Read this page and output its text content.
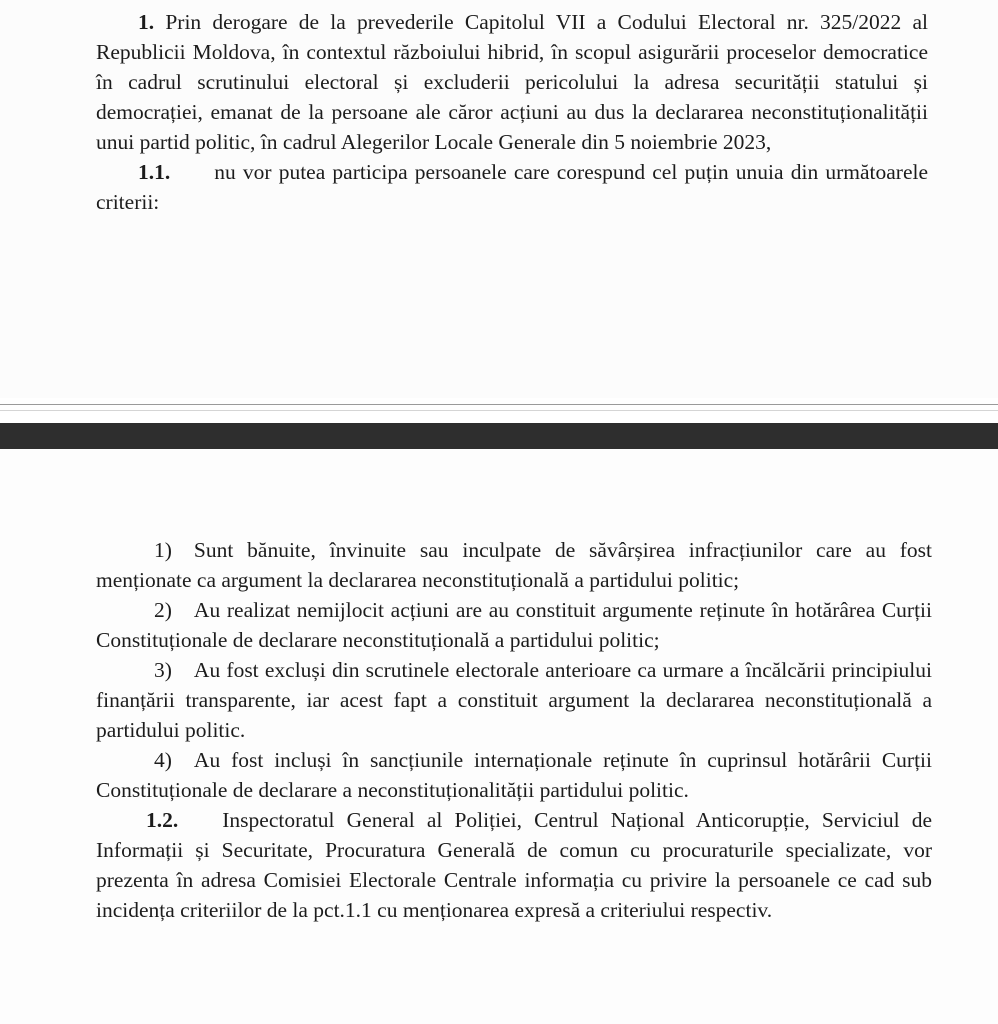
1. Prin derogare de la prevederile Capitolul VII a Codului Electoral nr. 325/2022 al Republicii Moldova, în contextul războiului hibrid, în scopul asigurării proceselor democratice în cadrul scrutinului electoral și excluderii pericolului la adresa securității statului și democrației, emanat de la persoane ale căror acțiuni au dus la declararea neconstituționalității unui partid politic, în cadrul Alegerilor Locale Generale din 5 noiembrie 2023,
1.1. nu vor putea participa persoanele care corespund cel puțin unuia din următoarele criterii:
1) Sunt bănuite, învinuite sau inculpate de săvârșirea infracțiunilor care au fost menționate ca argument la declararea neconstituțională a partidului politic;
2) Au realizat nemijlocit acțiuni are au constituit argumente reținute în hotărârea Curții Constituționale de declarare neconstituțională a partidului politic;
3) Au fost excluși din scrutinele electorale anterioare ca urmare a încălcării principiului finanțării transparente, iar acest fapt a constituit argument la declararea neconstituțională a partidului politic.
4) Au fost incluși în sancțiunile internaționale reținute în cuprinsul hotărârii Curții Constituționale de declarare a neconstituționalității partidului politic.
1.2. Inspectoratul General al Poliției, Centrul Național Anticorupție, Serviciul de Informații și Securitate, Procuratura Generală de comun cu procuraturile specializate, vor prezenta în adresa Comisiei Electorale Centrale informația cu privire la persoanele ce cad sub incidența criteriilor de la pct.1.1 cu menționarea expresă a criteriului respectiv.
